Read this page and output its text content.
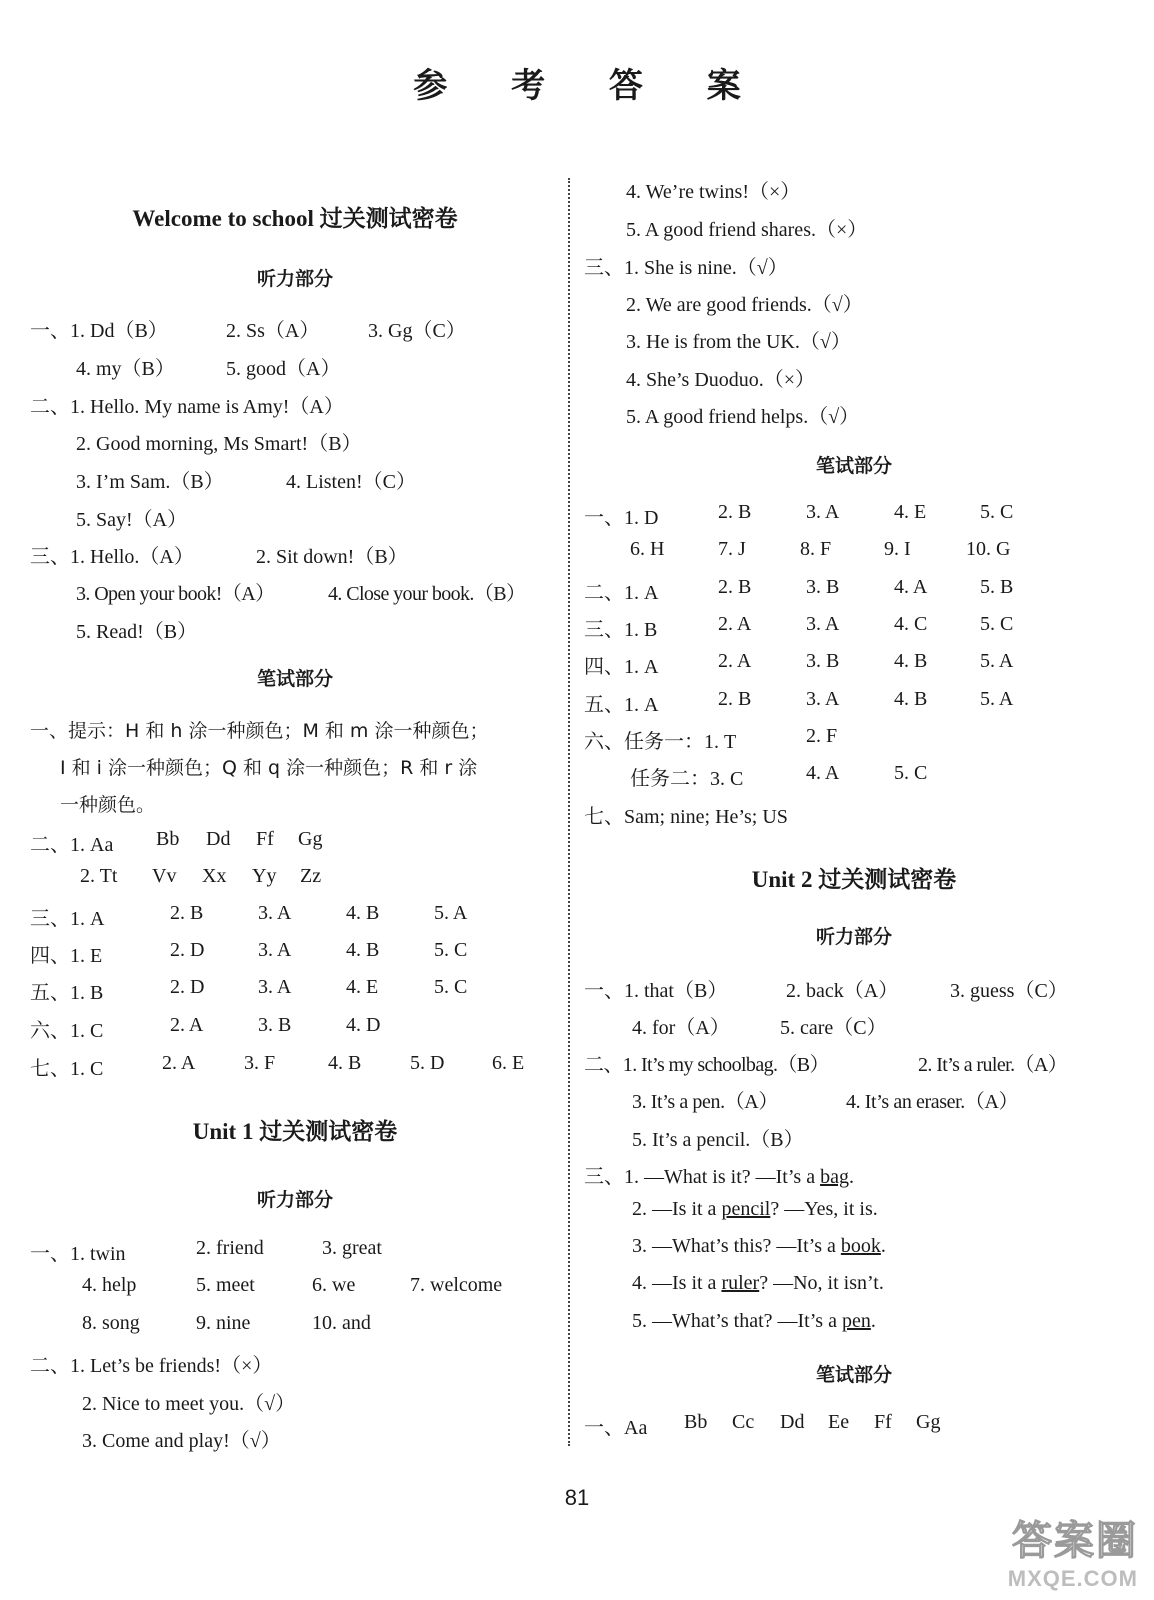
参 考 答 案
Welcome to school 过关测试密卷
听力部分
一、1. Dd（B）	2. Ss（A） 3. Gg（C）
4. my（B）	5. good（A）
二、1. Hello. My name is Amy!（A）
2. Good morning, Ms Smart!（B）
3. I’m Sam.（B）	4. Listen!（C）
5. Say!（A）
三、1. Hello.（A）	2. Sit down!（B）
3. Open your book!（A）	4. Close your book.（B）
5. Read!（B）
笔试部分
一、提示：H 和 h 涂一种颜色；M 和 m 涂一种颜色；
I 和 i 涂一种颜色；Q 和 q 涂一种颜色；R 和 r 涂
一种颜色。
二、1. Aa Bb Dd Ff Gg
2. Tt Vv Xx Yy Zz
三、1. A	2. B	3. A	4. B	5. A
四、1. E	2. D	3. A	4. B	5. C
五、1. B	2. D	3. A	4. E	5. C
六、1. C	2. A	3. B	4. D
七、1. C	2. A 3. F	4. B 5. D 6. E
Unit 1 过关测试密卷
听力部分
一、1. twin	2. friend	3. great
4. help	5. meet	6. we	7. welcome
8. song	9. nine	10. and
二、1. Let’s be friends!（×）
2. Nice to meet you.（√）
3. Come and play!（√）
4. We’re twins!（×）
5. A good friend shares.（×）
三、1. She is nine.（√）
2. We are good friends.（√）
3. He is from the UK.（√）
4. She’s Duoduo.（×）
5. A good friend helps.（√）
笔试部分
一、1. D	2. B	3. A	4. E	5. C
6. H	7. J	8. F	9. I	10. G
二、1. A	2. B	3. B	4. A	5. B
三、1. B	2. A	3. A	4. C	5. C
四、1. A	2. A	3. B	4. B	5. A
五、1. A	2. B	3. A	4. B	5. A
六、任务一：1. T	2. F
任务二：3. C	4. A	5. C
七、Sam; nine; He’s; US
Unit 2 过关测试密卷
听力部分
一、1. that（B）	2. back（A）	3. guess（C）
4. for（A）	5. care（C）
二、1. It’s my schoolbag.（B）	2. It’s a ruler.（A）
3. It’s a pen.（A）	4. It’s an eraser.（A）
5. It’s a pencil.（B）
三、1. —What is it? —It’s a bag.
2. —Is it a pencil? —Yes, it is.
3. —What’s this? —It’s a book.
4. —Is it a ruler? —No, it isn’t.
5. —What’s that? —It’s a pen.
笔试部分
一、Aa Bb Cc Dd Ee Ff Gg
81
答案圈
MXQE.COM
